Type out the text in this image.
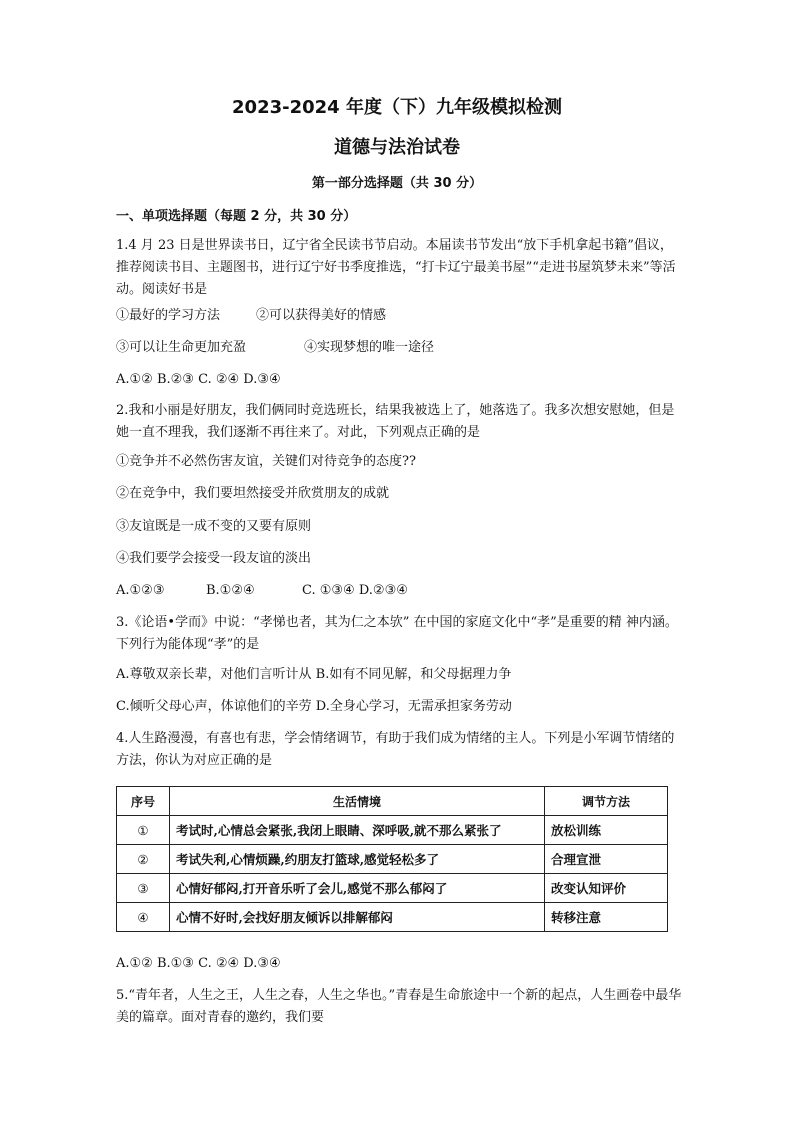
2023-2024 年度（下）九年级模拟检测
道德与法治试卷
第一部分选择题（共 30 分）
一、单项选择题（每题 2 分，共 30 分）
1.4 月 23 日是世界读书日，辽宁省全民读书节启动。本届读书节发出“放下手机拿起书籍”倡议，推荐阅读书目、主题图书，进行辽宁好书季度推选，“打卡辽宁最美书屋”“走进书屋筑梦未来”等活动。阅读好书是
①最好的学习方法	②可以获得美好的情感
③可以让生命更加充盈	④实现梦想的唯一途径
A.①② B.②③ C. ②④ D.③④
2.我和小丽是好朋友，我们俩同时竞选班长，结果我被选上了，她落选了。我多次想安慰她，但是她一直不理我，我们逐渐不再往来了。对此，下列观点正确的是
①竞争并不必然伤害友谊，关键们对待竞争的态度??
②在竞争中，我们要坦然接受并欣赏朋友的成就
③友谊既是一成不变的又要有原则
④我们要学会接受一段友谊的淡出
A.①②③	B.①②④	C. ①③④ D.②③④
3.《论语•学而》中说：“孝悌也者，其为仁之本欤” 在中国的家庭文化中“孝”是重要的精 神内涵。下列行为能体现“孝”的是
A.尊敬双亲长辈，对他们言听计从 B.如有不同见解，和父母据理力争
C.倾听父母心声，体谅他们的辛劳 D.全身心学习，无需承担家务劳动
4.人生路漫漫，有喜也有悲，学会情绪调节，有助于我们成为情绪的主人。下列是小军调节情绪的方法，你认为对应正确的是
序号	生活情境	调节方法
①	考试时,心情总会紧张,我闭上眼睛、深呼吸,就不那么紧张了	放松训练
②	考试失利,心情烦躁,约朋友打篮球,感觉轻松多了	合理宣泄
③	心情好郁闷,打开音乐听了会儿,感觉不那么郁闷了	改变认知评价
④	心情不好时,会找好朋友倾诉以排解郁闷	转移注意
A.①② B.①③ C. ②④ D.③④
5.“青年者，人生之王，人生之春，人生之华也。”青春是生命旅途中一个新的起点，人生画卷中最华美的篇章。面对青春的邀约，我们要
